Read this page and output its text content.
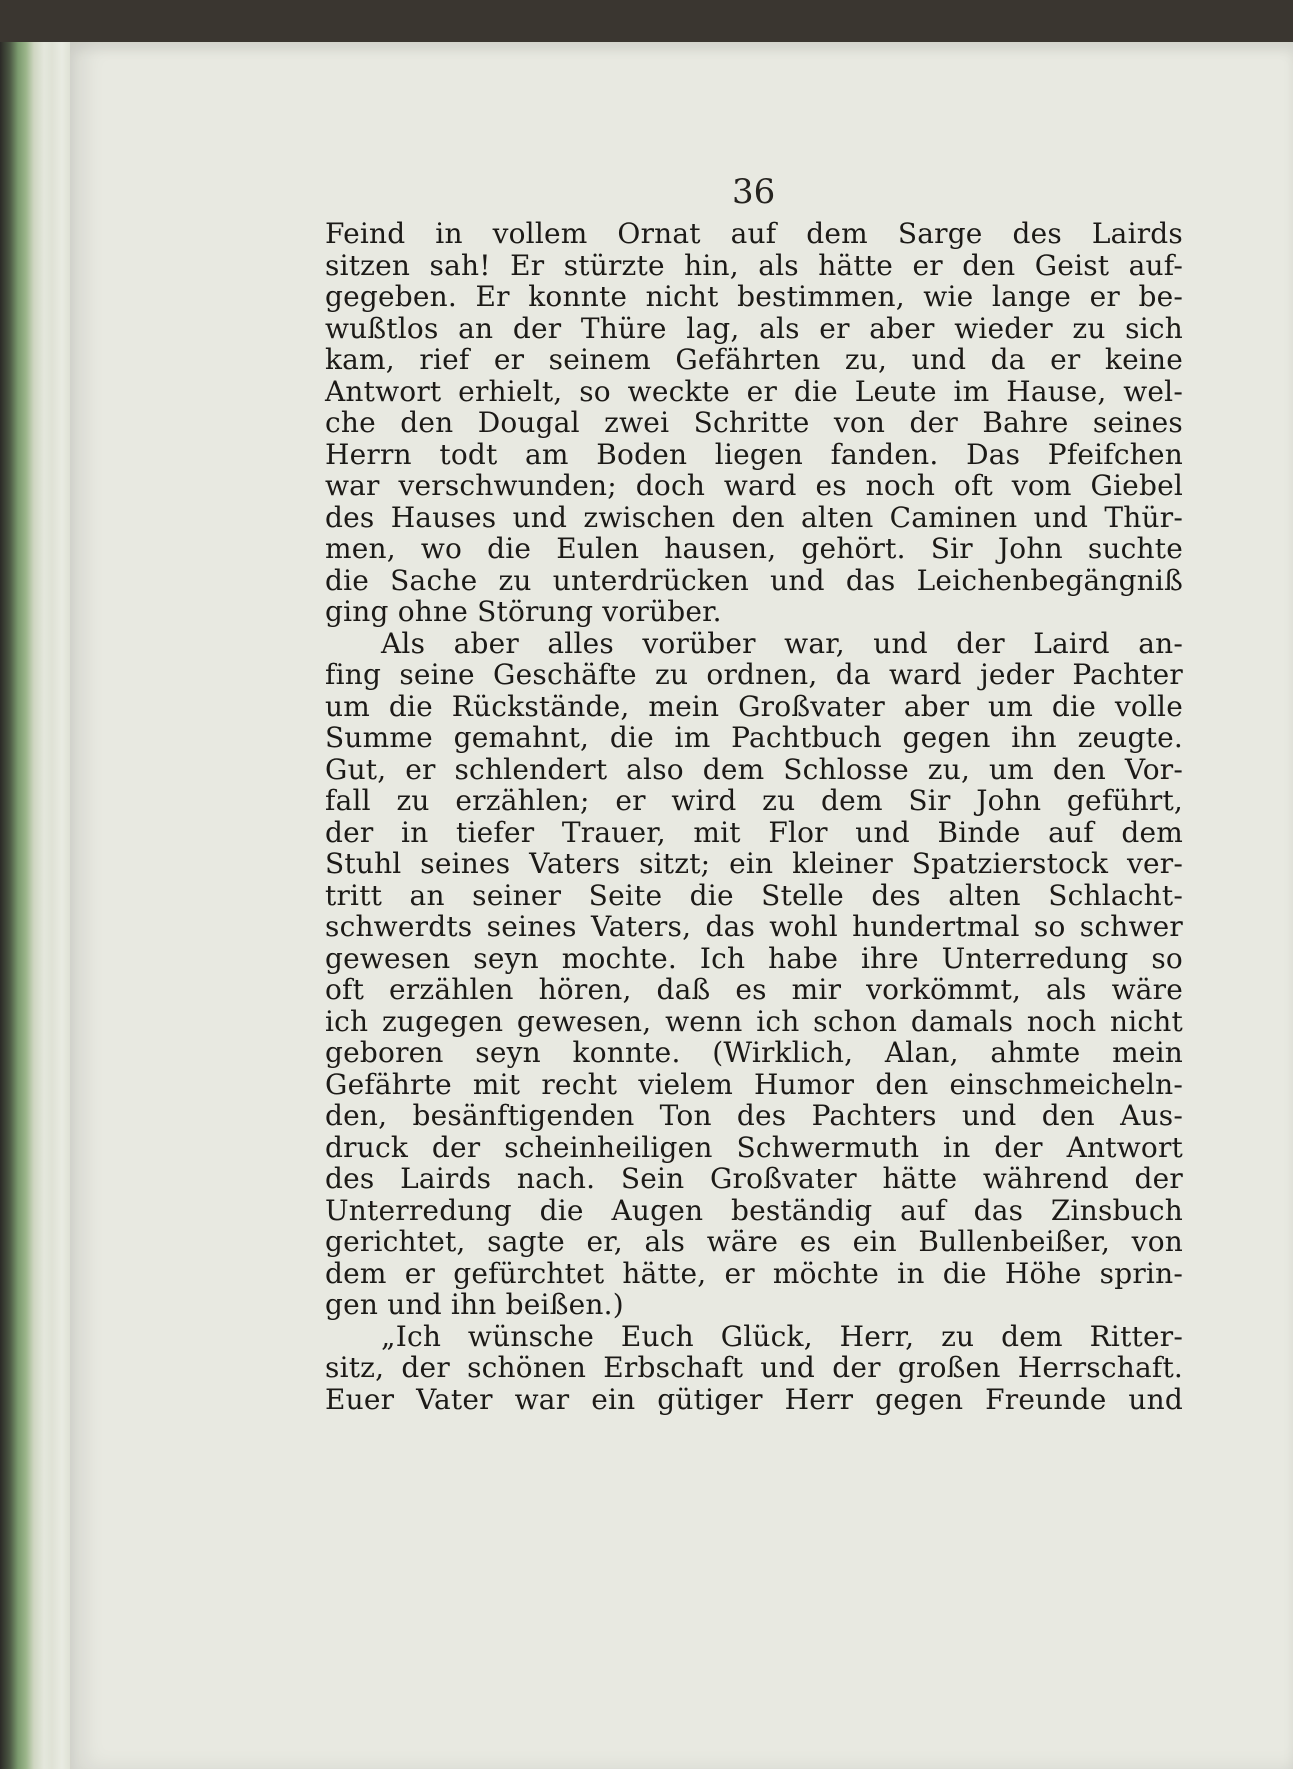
36

Feind in vollem Ornat auf dem Sarge des Lairds

sitzen sah! Er stürzte hin, als hätte er den Geist auf-

gegeben. Er konnte nicht bestimmen, wie lange er be-

wußtlos an der Thüre lag, als er aber wieder zu sich

kam, rief er seinem Gefährten zu, und da er keine

Antwort erhielt, so weckte er die Leute im Hause, wel-

che den Dougal zwei Schritte von der Bahre seines

Herrn todt am Boden liegen fanden. Das Pfeifchen

war verschwunden; doch ward es noch oft vom Giebel

des Hauses und zwischen den alten Caminen und Thür-

men, wo die Eulen hausen, gehört. Sir John suchte

die Sache zu unterdrücken und das Leichenbegängniß

ging ohne Störung vorüber.

Als aber alles vorüber war, und der Laird an-

fing seine Geschäfte zu ordnen, da ward jeder Pachter

um die Rückstände, mein Großvater aber um die volle

Summe gemahnt, die im Pachtbuch gegen ihn zeugte.

Gut, er schlendert also dem Schlosse zu, um den Vor-

fall zu erzählen; er wird zu dem Sir John geführt,

der in tiefer Trauer, mit Flor und Binde auf dem

Stuhl seines Vaters sitzt; ein kleiner Spatzierstock ver-

tritt an seiner Seite die Stelle des alten Schlacht-

schwerdts seines Vaters, das wohl hundertmal so schwer

gewesen seyn mochte. Ich habe ihre Unterredung so

oft erzählen hören, daß es mir vorkömmt, als wäre

ich zugegen gewesen, wenn ich schon damals noch nicht

geboren seyn konnte. (Wirklich, Alan, ahmte mein

Gefährte mit recht vielem Humor den einschmeicheln-

den, besänftigenden Ton des Pachters und den Aus-

druck der scheinheiligen Schwermuth in der Antwort

des Lairds nach. Sein Großvater hätte während der

Unterredung die Augen beständig auf das Zinsbuch

gerichtet, sagte er, als wäre es ein Bullenbeißer, von

dem er gefürchtet hätte, er möchte in die Höhe sprin-

gen und ihn beißen.)

„Ich wünsche Euch Glück, Herr, zu dem Ritter-

sitz, der schönen Erbschaft und der großen Herrschaft.

Euer Vater war ein gütiger Herr gegen Freunde und
